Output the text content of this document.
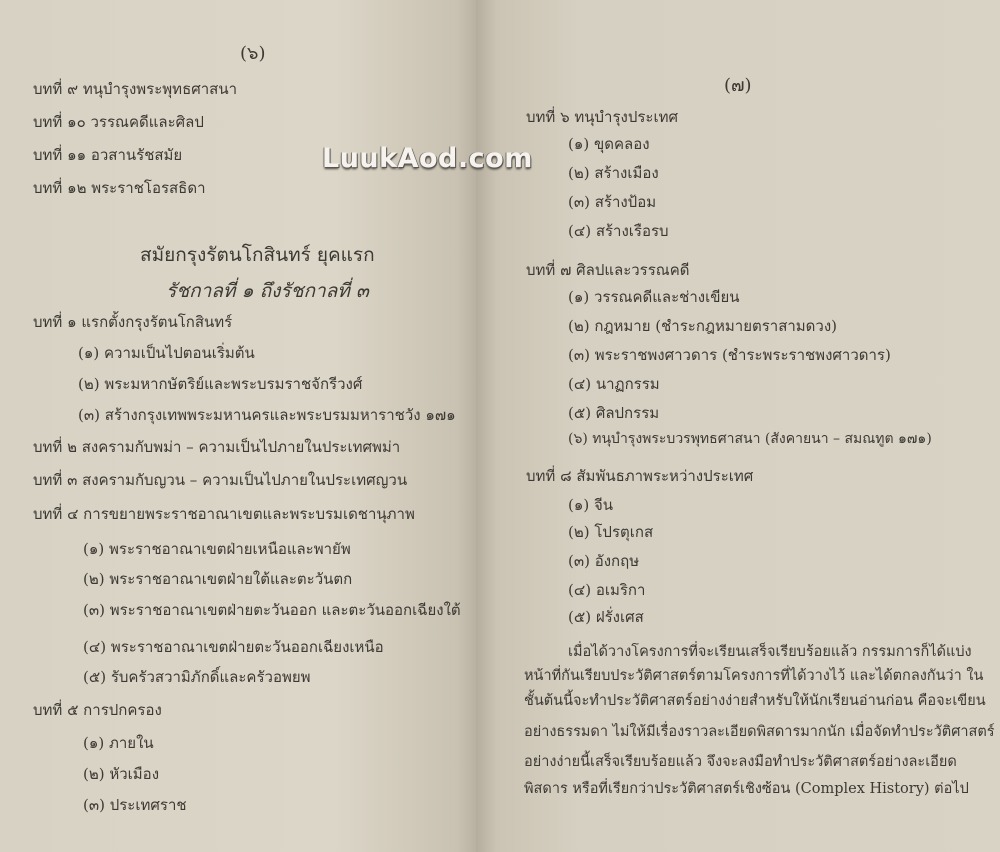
(๖)
บทที่ ๙ ทนุบำรุงพระพุทธศาสนา
บทที่ ๑๐ วรรณคดีและศิลป
บทที่ ๑๑ อวสานรัชสมัย
บทที่ ๑๒ พระราชโอรสธิดา
สมัยกรุงรัตนโกสินทร์ ยุคแรก
รัชกาลที่ ๑ ถึงรัชกาลที่ ๓
บทที่ ๑ แรกตั้งกรุงรัตนโกสินทร์
(๑) ความเป็นไปตอนเริ่มต้น
(๒) พระมหากษัตริย์และพระบรมราชจักรีวงศ์
(๓) สร้างกรุงเทพพระมหานครและพระบรมมหาราชวัง ๑๗๑
บทที่ ๒ สงครามกับพม่า – ความเป็นไปภายในประเทศพม่า
บทที่ ๓ สงครามกับญวน – ความเป็นไปภายในประเทศญวน
บทที่ ๔ การขยายพระราชอาณาเขตและพระบรมเดชานุภาพ
(๑) พระราชอาณาเขตฝ่ายเหนือและพายัพ
(๒) พระราชอาณาเขตฝ่ายใต้และตะวันตก
(๓) พระราชอาณาเขตฝ่ายตะวันออก และตะวันออกเฉียงใต้
(๔) พระราชอาณาเขตฝ่ายตะวันออกเฉียงเหนือ
(๕) รับครัวสวามิภักดิ์และครัวอพยพ
บทที่ ๕ การปกครอง
(๑) ภายใน
(๒) หัวเมือง
(๓) ประเทศราช
(๗)
บทที่ ๖ ทนุบำรุงประเทศ
(๑) ขุดคลอง
(๒) สร้างเมือง
(๓) สร้างป้อม
(๔) สร้างเรือรบ
บทที่ ๗ ศิลปและวรรณคดี
(๑) วรรณคดีและช่างเขียน
(๒) กฎหมาย (ชำระกฎหมายตราสามดวง)
(๓) พระราชพงศาวดาร (ชำระพระราชพงศาวดาร)
(๔) นาฏกรรม
(๕) ศิลปกรรม
(๖) ทนุบำรุงพระบวรพุทธศาสนา (สังคายนา – สมณทูต ๑๗๑)
บทที่ ๘ สัมพันธภาพระหว่างประเทศ
(๑) จีน
(๒) โปรตุเกส
(๓) อังกฤษ
(๔) อเมริกา
(๕) ฝรั่งเศส
เมื่อได้วางโครงการที่จะเรียนเสร็จเรียบร้อยแล้ว กรรมการก็ได้แบ่ง
หน้าที่กันเรียบประวัติศาสตร์ตามโครงการที่ได้วางไว้ และได้ตกลงกันว่า ใน
ชั้นต้นนี้จะทำประวัติศาสตร์อย่างง่ายสำหรับให้นักเรียนอ่านก่อน คือจะเขียน
อย่างธรรมดา ไม่ให้มีเรื่องราวละเอียดพิสดารมากนัก เมื่อจัดทำประวัติศาสตร์
อย่างง่ายนี้เสร็จเรียบร้อยแล้ว จึงจะลงมือทำประวัติศาสตร์อย่างละเอียด
พิสดาร หรือที่เรียกว่าประวัติศาสตร์เชิงซ้อน (Complex History) ต่อไป
LuukAod.com
